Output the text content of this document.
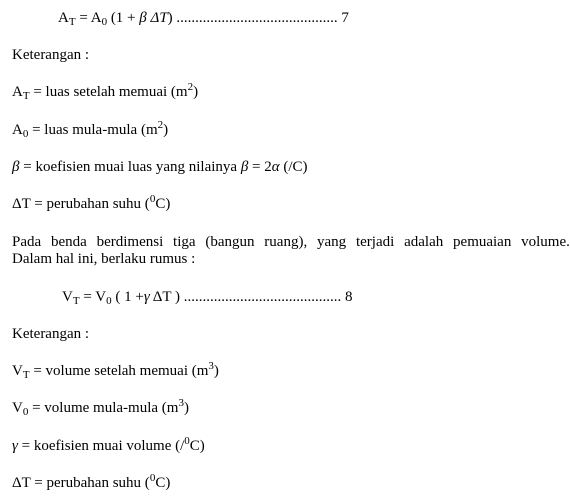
$A_T = A_0$ (1 + β ΔT) ........................................... 7
Keterangan :
$A_T$ = luas setelah memuai $(m^2)$
$A_0$ = luas mula-mula $(m^2)$
β = koefisien muai luas yang nilainya β = 2α (/C)
ΔT = perubahan suhu ($^0$C)
Pada benda berdimensi tiga (bangun ruang), yang terjadi adalah pemuaian volume.
Dalam hal ini, berlaku rumus :
$V_T = V_0$ ( 1 +γ ΔT ) .......................................... 8
Keterangan :
$V_T$ = volume setelah memuai $(m^3)$
$V_0$ = volume mula-mula $(m^3)$
γ = koefisien muai volume (/$^0$C)
ΔT = perubahan suhu ($^0$C)
